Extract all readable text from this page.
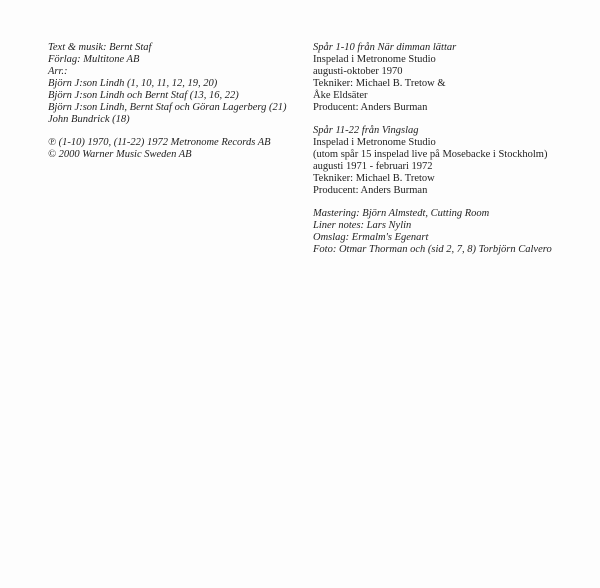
Text & musik: Bernt Staf
Förlag: Multitone AB
Arr.:
Björn J:son Lindh (1, 10, 11, 12, 19, 20)
Björn J:son Lindh och Bernt Staf (13, 16, 22)
Björn J:son Lindh, Bernt Staf och Göran Lagerberg (21)
John Bundrick (18)
℗ (1-10) 1970, (11-22) 1972 Metronome Records AB
© 2000 Warner Music Sweden AB
Spår 1-10 från När dimman lättar
Inspelad i Metronome Studio
augusti-oktober 1970
Tekniker: Michael B. Tretow &
Åke Eldsäter
Producent: Anders Burman
Spår 11-22 från Vingslag
Inspelad i Metronome Studio
(utom spår 15 inspelad live på Mosebacke i Stockholm)
augusti 1971 - februari 1972
Tekniker: Michael B. Tretow
Producent: Anders Burman
Mastering: Björn Almstedt, Cutting Room
Liner notes: Lars Nylin
Omslag: Ermalm's Egenart
Foto: Otmar Thorman och (sid 2, 7, 8) Torbjörn Calvero
